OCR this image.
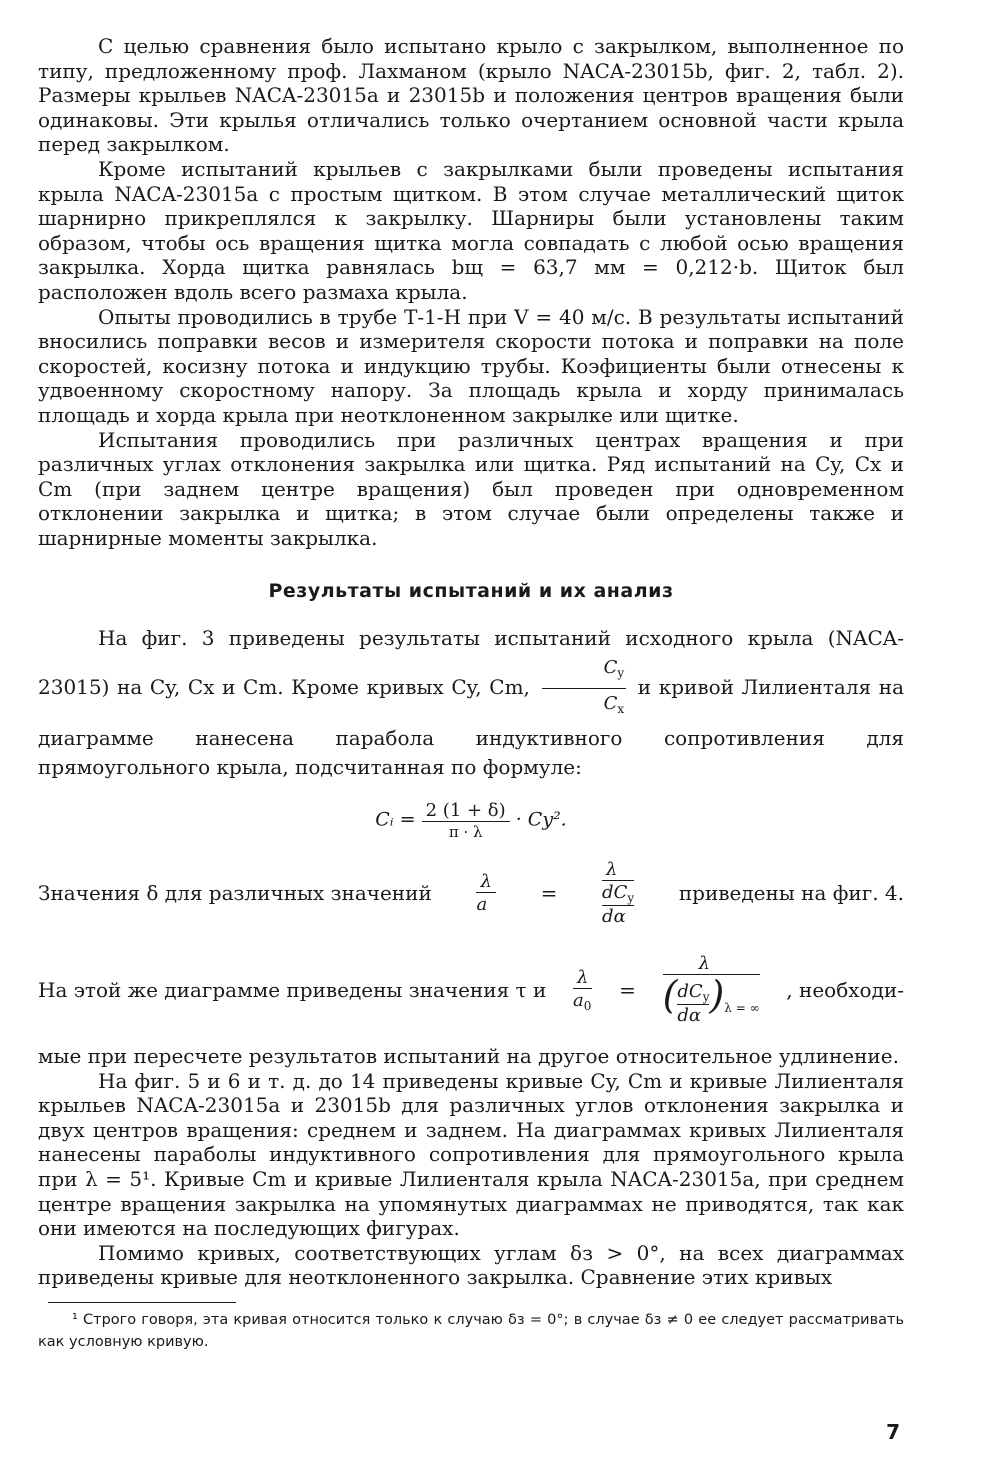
С целью сравнения было испытано крыло с закрылком, выполненное по типу, предложенному проф. Лахманом (крыло NACA-23015b, фиг. 2, табл. 2). Размеры крыльев NACA-23015a и 23015b и положения центров вращения были одинаковы. Эти крылья отличались только очертанием основной части крыла перед закрылком.

Кроме испытаний крыльев с закрылками были проведены испытания крыла NACA-23015a с простым щитком. В этом случае металлический щиток шарнирно прикреплялся к закрылку. Шарниры были установлены таким образом, чтобы ось вращения щитка могла совпадать с любой осью вращения закрылка. Хорда щитка равнялась bщ = 63,7 мм = 0,212·b. Щиток был расположен вдоль всего размаха крыла.

Опыты проводились в трубе Т-1-Н при V = 40 м/с. В результаты испытаний вносились поправки весов и измерителя скорости потока и поправки на поле скоростей, косизну потока и индукцию трубы. Коэфициенты были отнесены к удвоенному скоростному напору. За площадь крыла и хорду принималась площадь и хорда крыла при неотклоненном закрылке или щитке.

Испытания проводились при различных центрах вращения и при различных углах отклонения закрылка или щитка. Ряд испытаний на Cy, Cx и Cm (при заднем центре вращения) был проведен при одновременном отклонении закрылка и щитка; в этом случае были определены также и шарнирные моменты закрылка.

Результаты испытаний и их анализ

На фиг. 3 приведены результаты испытаний исходного крыла (NACA-23015) на Cy, Cx и Cm. Кроме кривых Cy, Cm, $\frac{C_y}{C_x}$ и кривой Лилиенталя на диаграмме нанесена парабола индуктивного сопротивления для прямоугольного крыла, подсчитанная по формуле:

Cᵢ = $\frac{2 (1 + \delta)}{\pi \cdot \lambda} \cdot Cy^2$.
Значения δ для различных значений $\frac{\lambda}{a}$ =
λ
$dC_y$
dα
приведены на фиг. 4.
На этой же диаграмме приведены значения τ и $\frac{\lambda}{a_0} = \lambda$
( $dC_y$
dα )$_{\lambda = \infty}$ , необходи-

мые при пересчете результатов испытаний на другое относительное удлинение.

На фиг. 5 и 6 и т. д. до 14 приведены кривые Cy, Cm и кривые Лилиенталя крыльев NACA-23015a и 23015b для различных углов отклонения закрылка и двух центров вращения: среднем и заднем. На диаграммах кривых Лилиенталя нанесены параболы индуктивного сопротивления для прямоугольного крыла при λ = 5¹. Кривые Cm и кривые Лилиенталя крыла NACA-23015a, при среднем центре вращения закрылка на упомянутых диаграммах не приводятся, так как они имеются на последующих фигурах.

Помимо кривых, соответствующих углам δз > 0°, на всех диаграммах приведены кривые для неотклоненного закрылка. Сравнение этих кривых

¹ Строго говоря, эта кривая относится только к случаю δз = 0°; в случае δз ≠ 0 ее следует рассматривать как условную кривую.

7
